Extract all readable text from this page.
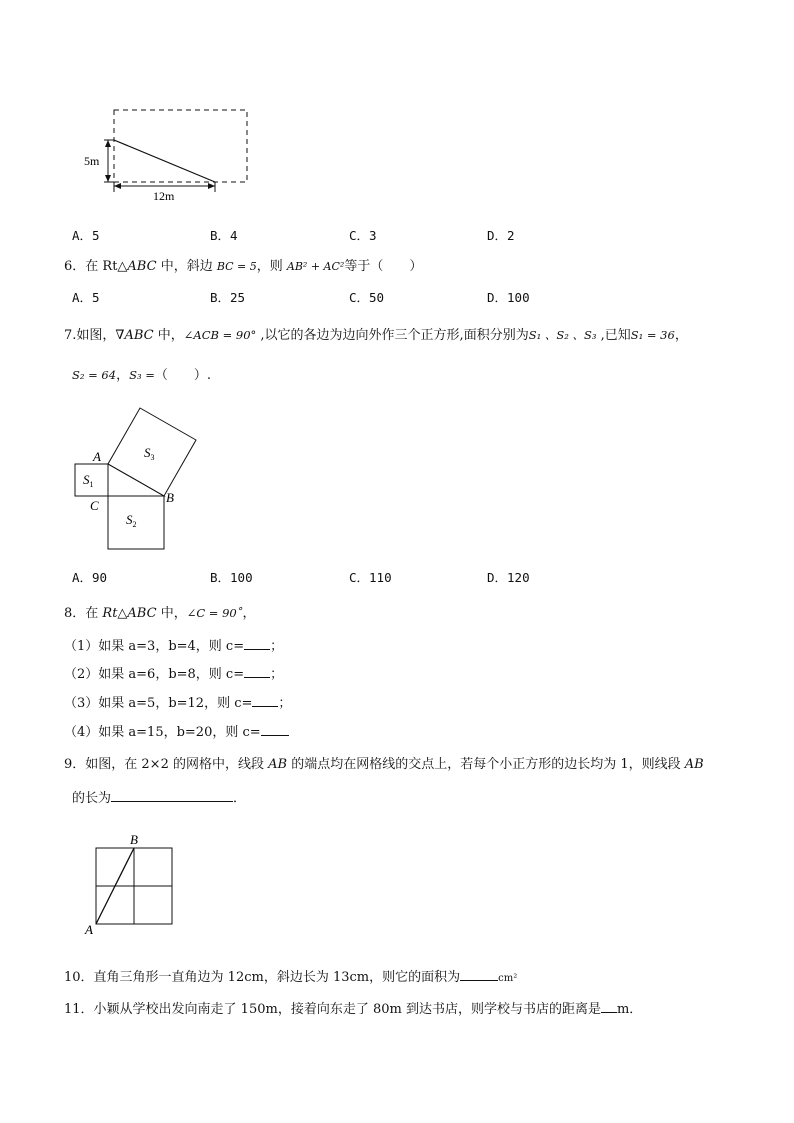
5m
12m
A．5	B．4	C．3	D．2
6．在 Rt△ABC 中，斜边 BC = 5，则 AB² + AC²等于（　　）
A．5	B．25	C．50	D．100
7.如图，∇ABC 中，∠ACB = 90° ,以它的各边为边向外作三个正方形,面积分别为S₁ 、S₂ 、S₃ ,已知S₁ = 36，
S₂ = 64，S₃ =（　　）.
A
B
C
$S_1$
$S_2$
$S_3$
A．90	B．100	C．110	D．120
8．在 Rt△ABC 中，∠C = 90˚，
（1）如果 a=3，b=4，则 c= ；
（2）如果 a=6，b=8，则 c= ；
（3）如果 a=5，b=12，则 c= ；
（4）如果 a=15，b=20，则 c=
9．如图，在 2×2 的网格中，线段 AB 的端点均在网格线的交点上，若每个小正方形的边长均为 1，则线段 AB
的长为	．
B
A
10．直角三角形一直角边为 12cm，斜边长为 13cm，则它的面积为	cm²
11．小颖从学校出发向南走了 150m，接着向东走了 80m 到达书店，则学校与书店的距离是 m．
